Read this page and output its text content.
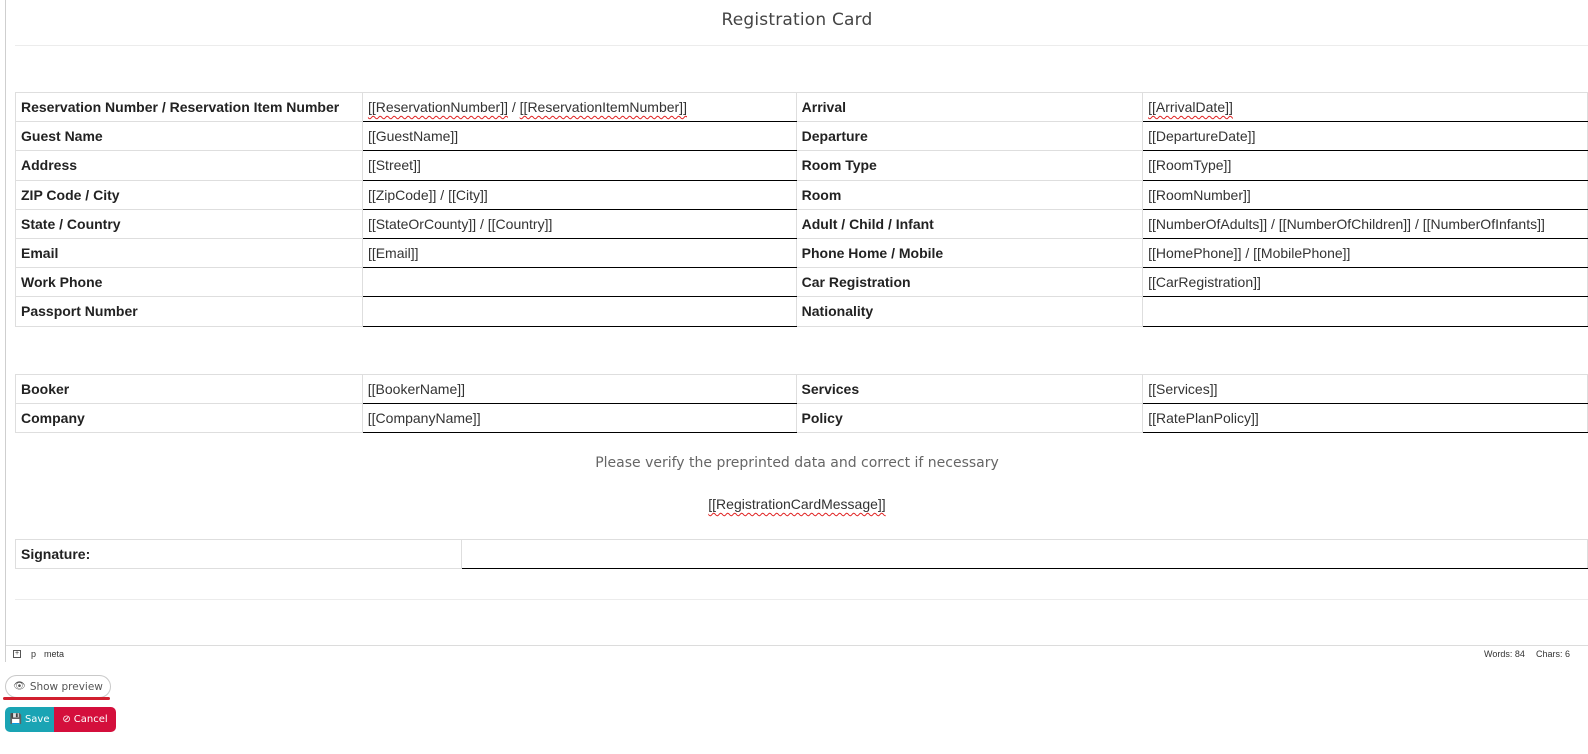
Registration Card
Reservation Number / Reservation Item Number	[[ReservationNumber]] / [[ReservationItemNumber]]	Arrival	[[ArrivalDate]]
Guest Name	[[GuestName]]	Departure	[[DepartureDate]]
Address	[[Street]]	Room Type	[[RoomType]]
ZIP Code / City	[[ZipCode]] / [[City]]	Room	[[RoomNumber]]
State / Country	[[StateOrCounty]] / [[Country]]	Adult / Child / Infant	[[NumberOfAdults]] / [[NumberOfChildren]] / [[NumberOfInfants]]
Email	[[Email]]	Phone Home / Mobile	[[HomePhone]] / [[MobilePhone]]
Work Phone		Car Registration	[[CarRegistration]]
Passport Number		Nationality	
Booker	[[BookerName]]	Services	[[Services]]
Company	[[CompanyName]]	Policy	[[RatePlanPolicy]]
Please verify the preprinted data and correct if necessary
[[RegistrationCardMessage]]
Signature:	
+ p meta	Words: 84 Chars: 6
👁 Show preview
💾 Save ⊘ Cancel
